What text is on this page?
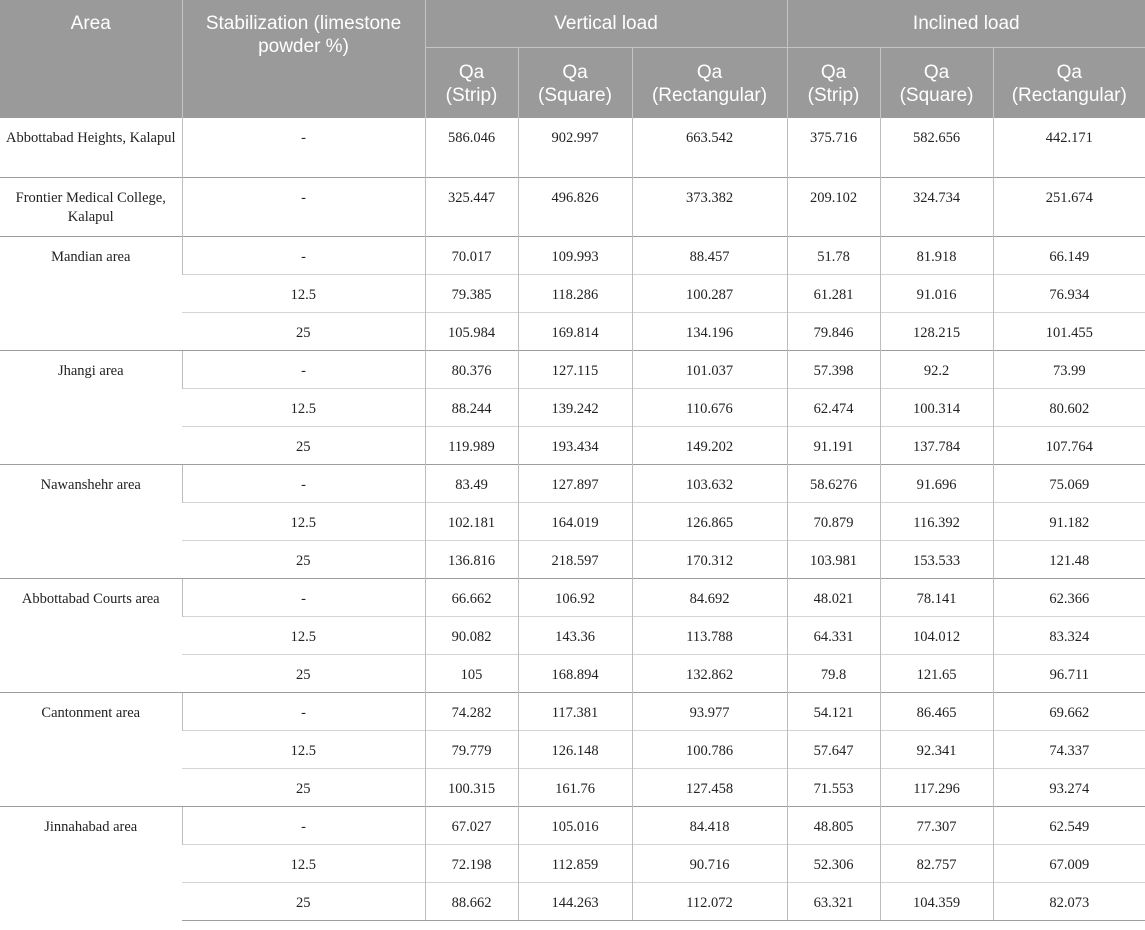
Area	Stabilization (limestone powder %)	Vertical load			Inclined load		
		Qa (Strip)	Qa (Square)	Qa (Rectangular)	Qa (Strip)	Qa (Square)	Qa (Rectangular)
Abbottabad Heights, Kalapul	-	586.046	902.997	663.542	375.716	582.656	442.171
Frontier Medical College, Kalapul	-	325.447	496.826	373.382	209.102	324.734	251.674
Mandian area	-	70.017	109.993	88.457	51.78	81.918	66.149
	12.5	79.385	118.286	100.287	61.281	91.016	76.934
	25	105.984	169.814	134.196	79.846	128.215	101.455
Jhangi area	-	80.376	127.115	101.037	57.398	92.2	73.99
	12.5	88.244	139.242	110.676	62.474	100.314	80.602
	25	119.989	193.434	149.202	91.191	137.784	107.764
Nawanshehr area	-	83.49	127.897	103.632	58.6276	91.696	75.069
	12.5	102.181	164.019	126.865	70.879	116.392	91.182
	25	136.816	218.597	170.312	103.981	153.533	121.48
Abbottabad Courts area	-	66.662	106.92	84.692	48.021	78.141	62.366
	12.5	90.082	143.36	113.788	64.331	104.012	83.324
	25	105	168.894	132.862	79.8	121.65	96.711
Cantonment area	-	74.282	117.381	93.977	54.121	86.465	69.662
	12.5	79.779	126.148	100.786	57.647	92.341	74.337
	25	100.315	161.76	127.458	71.553	117.296	93.274
Jinnahabad area	-	67.027	105.016	84.418	48.805	77.307	62.549
	12.5	72.198	112.859	90.716	52.306	82.757	67.009
	25	88.662	144.263	112.072	63.321	104.359	82.073
